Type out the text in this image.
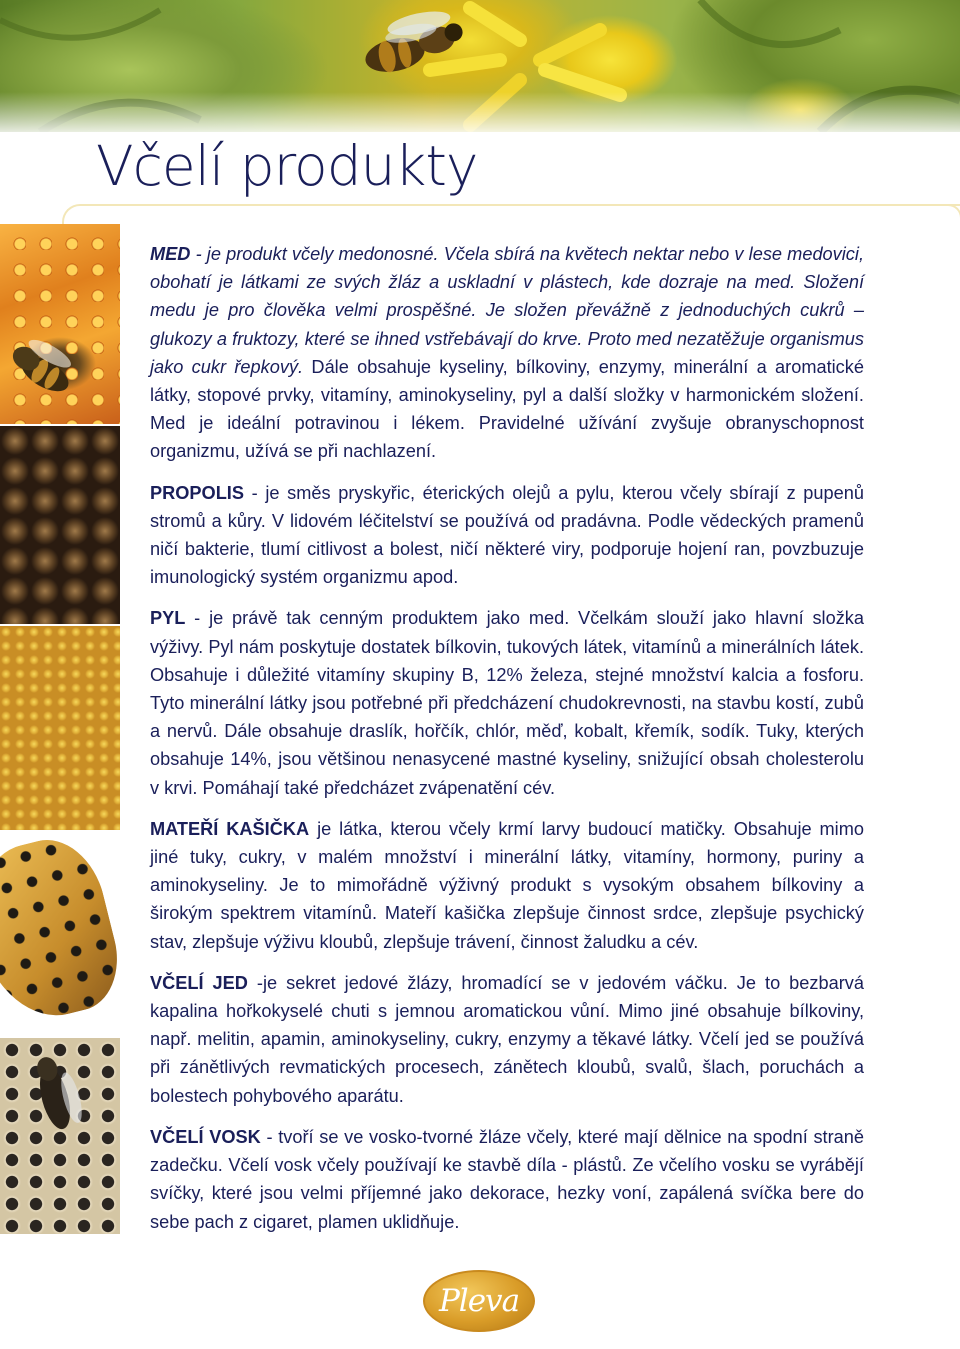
Včelí produkty

MED - je produkt včely medonosné. Včela sbírá na květech nektar nebo v lese medovici, obohatí je látkami ze svých žláz a uskladní v plástech, kde dozraje na med. Složení medu je pro člověka velmi prospěšné. Je složen převážně z jednoduchých cukrů – glukozy a fruktozy, které se ihned vstřebávají do krve. Proto med nezatěžuje organismus jako cukr řepkový. Dále obsahuje kyseliny, bílkoviny, enzymy, minerální a aromatické látky, stopové prvky, vitamíny, aminokyseliny, pyl a další složky v harmonickém složení. Med je ideální potravinou i lékem. Pravidelné užívání zvyšuje obranyschopnost organizmu, užívá se při nachlazení.

PROPOLIS - je směs pryskyřic, éterických olejů a pylu, kterou včely sbírají z pupenů stromů a kůry. V lidovém léčitelství se používá od pradávna. Podle vědeckých pramenů ničí bakterie, tlumí citlivost a bolest, ničí některé viry, podporuje hojení ran, povzbuzuje imunologický systém organizmu apod.

PYL - je právě tak cenným produktem jako med. Včelkám slouží jako hlavní složka výživy. Pyl nám poskytuje dostatek bílkovin, tukových látek, vitamínů a minerálních látek. Obsahuje i důležité vitamíny skupiny B, 12% železa, stejné množství kalcia a fosforu. Tyto minerální látky jsou potřebné při předcházení chudokrevnosti, na stavbu kostí, zubů a nervů. Dále obsahuje draslík, hořčík, chlór, měď, kobalt, křemík, sodík. Tuky, kterých obsahuje 14%, jsou většinou nenasycené mastné kyseliny, snižující obsah cholesterolu v krvi. Pomáhají také předcházet zvápenatění cév.

MATEŘÍ KAŠIČKA je látka, kterou včely krmí larvy budoucí matičky. Obsahuje mimo jiné tuky, cukry, v malém množství i minerální látky, vitamíny, hormony, puriny a aminokyseliny. Je to mimořádně výživný produkt s vysokým obsahem bílkoviny a širokým spektrem vitamínů. Mateří kašička zlepšuje činnost srdce, zlepšuje psychický stav, zlepšuje výživu kloubů, zlepšuje trávení, činnost žaludku a cév.

VČELÍ JED -je sekret jedové žlázy, hromadící se v jedovém váčku. Je to bezbarvá kapalina hořkokyselé chuti s jemnou aromatickou vůní. Mimo jiné obsahuje bílkoviny, např. melitin, apamin, aminokyseliny, cukry, enzymy a těkavé látky. Včelí jed se používá při zánětlivých revmatických procesech, zánětech kloubů, svalů, šlach, poruchách a bolestech pohybového aparátu.

VČELÍ VOSK - tvoří se ve vosko-tvorné žláze včely, které mají dělnice na spodní straně zadečku. Včelí vosk včely používají ke stavbě díla - plástů. Ze včelího vosku se vyrábějí svíčky, které jsou velmi příjemné jako dekorace, hezky voní, zapálená svíčka bere do sebe pach z cigaret, plamen uklidňuje.

Pleva
